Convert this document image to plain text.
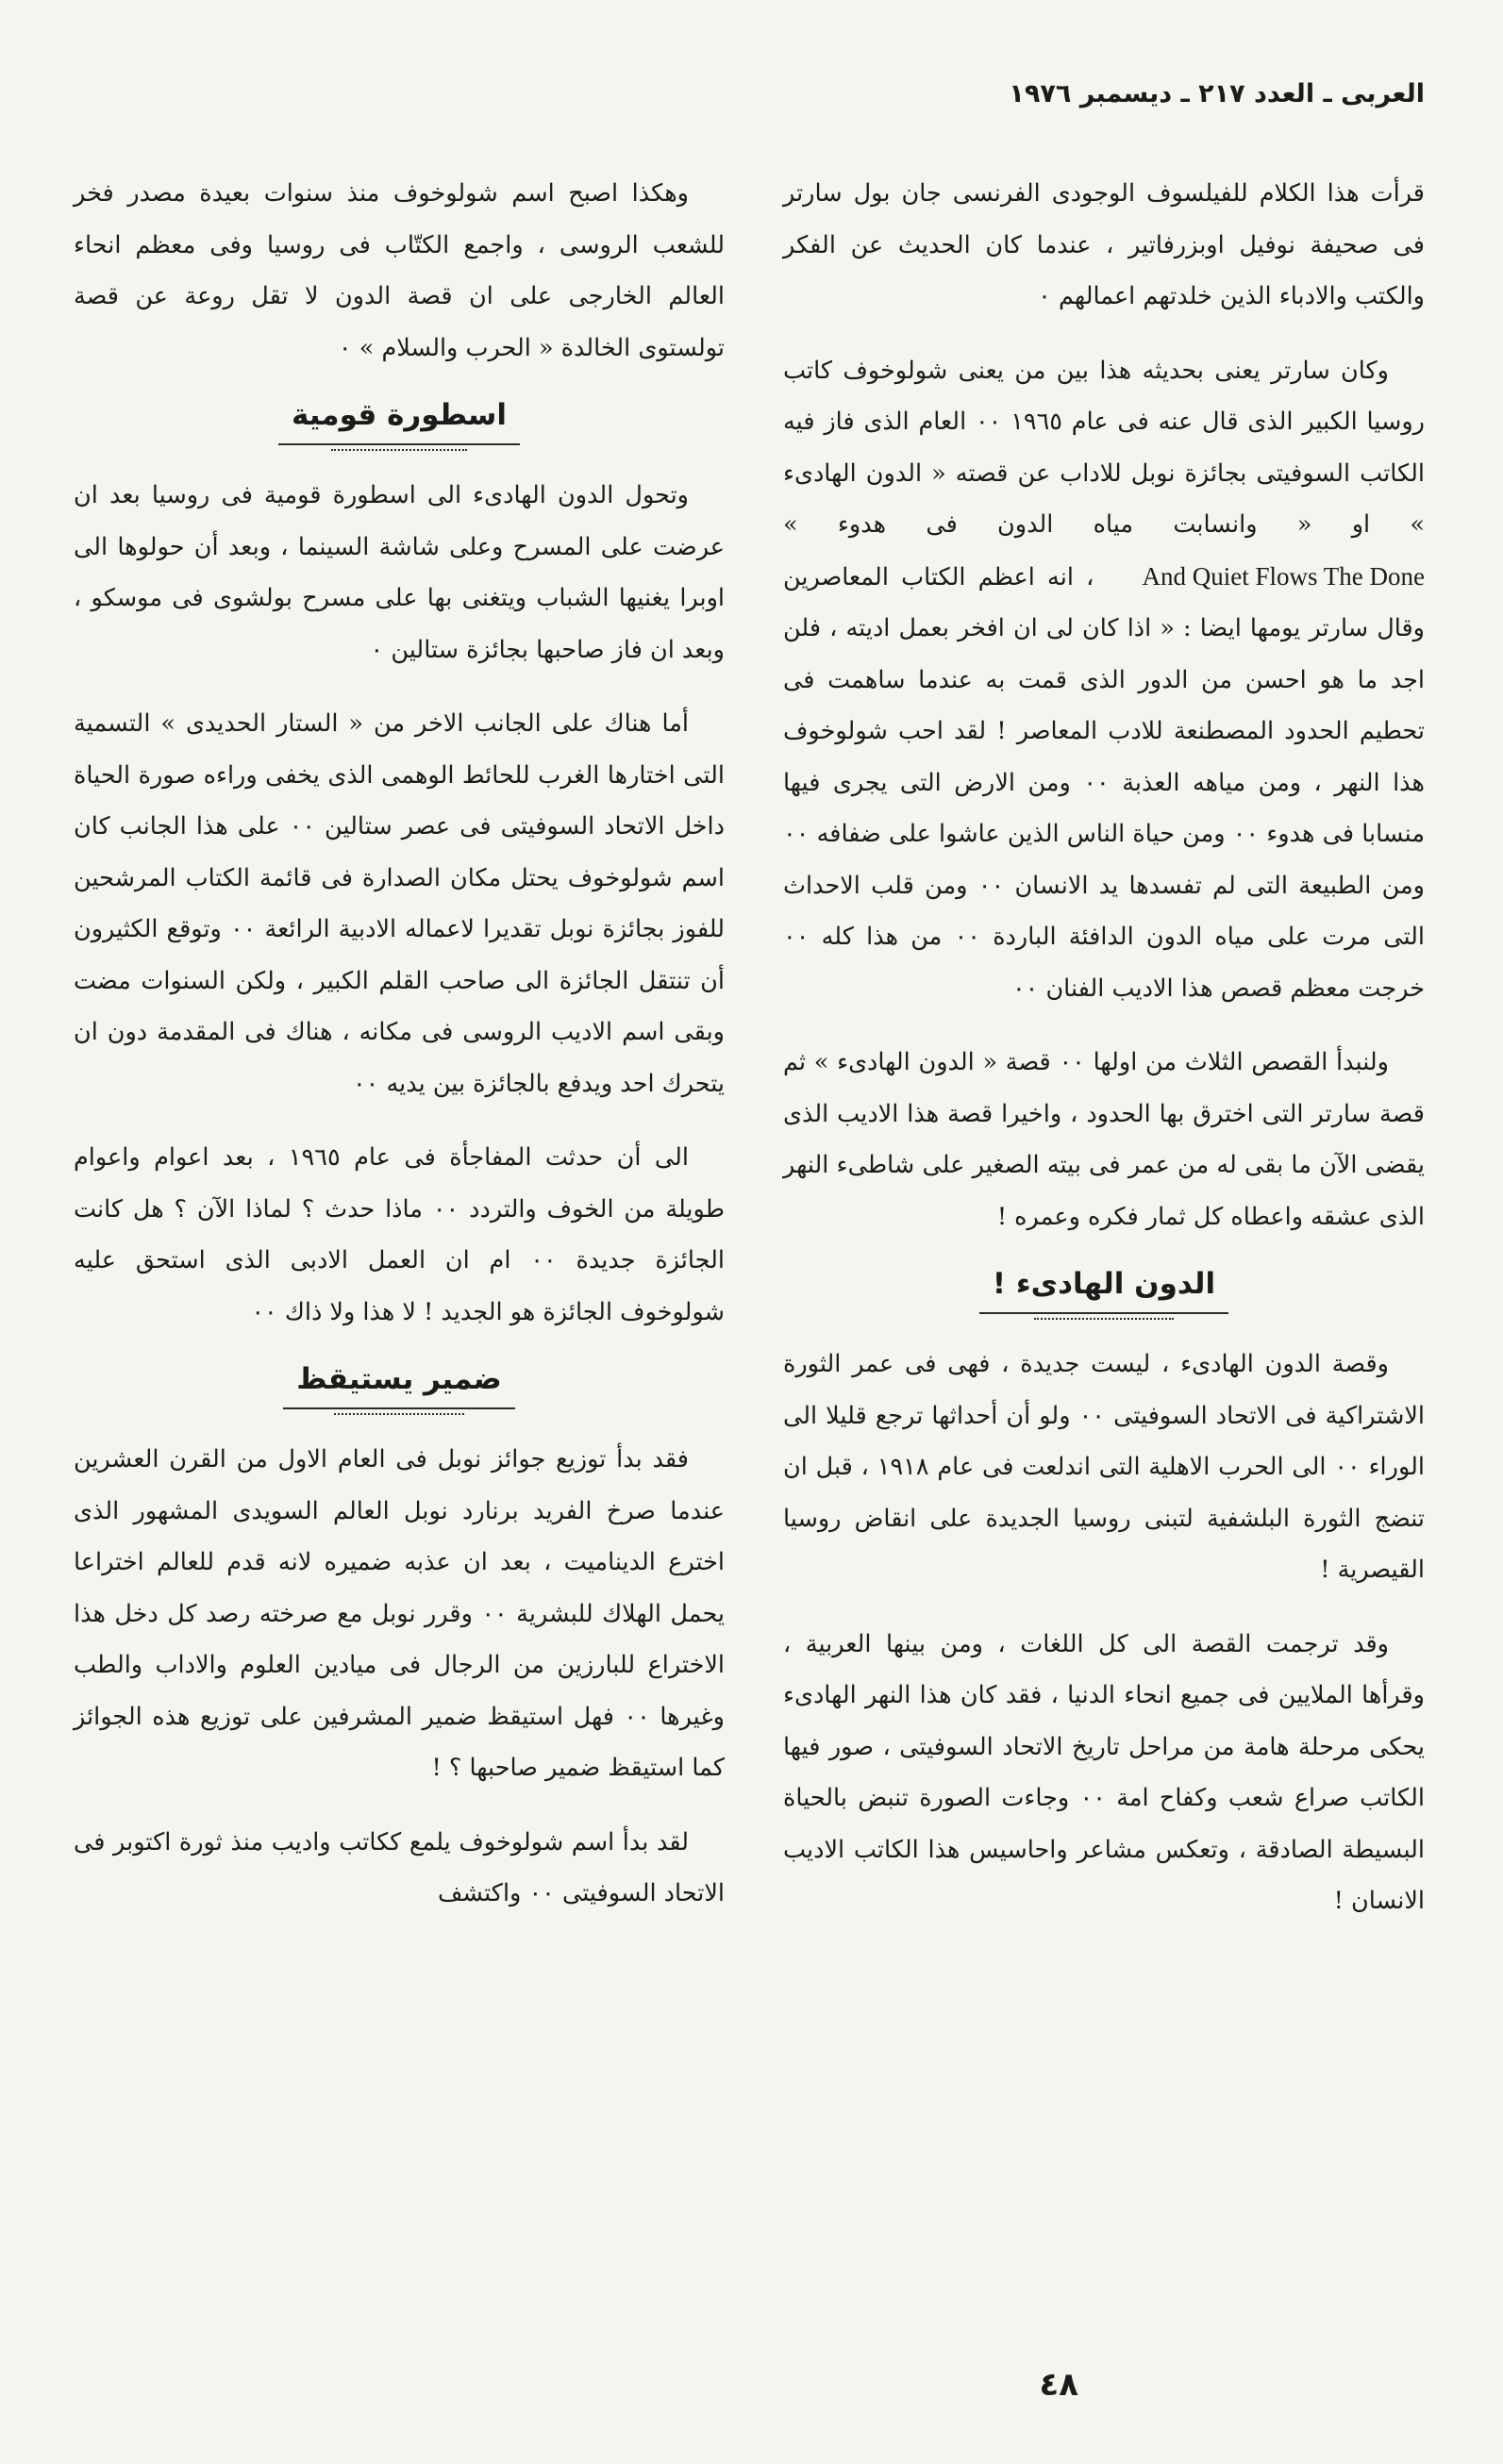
العربى ـ العدد ٢١٧ ـ ديسمبر ١٩٧٦

قرأت هذا الكلام للفيلسوف الوجودى الفرنسى جان بول سارتر فى صحيفة نوفيل اوبزرفاتير ، عندما كان الحديث عن الفكر والكتب والادباء الذين خلدتهم اعمالهم ٠

وكان سارتر يعنى بحديثه هذا بين من يعنى شولوخوف كاتب روسيا الكبير الذى قال عنه فى عام ١٩٦٥ ٠٠ العام الذى فاز فيه الكاتب السوفيتى بجائزة نوبل للاداب عن قصته « الدون الهادىء » او « وانسابت مياه الدون فى هدوء » And Quiet Flows The Done ، انه اعظم الكتاب المعاصرين وقال سارتر يومها ايضا : « اذا كان لى ان افخر بعمل اديته ، فلن اجد ما هو احسن من الدور الذى قمت به عندما ساهمت فى تحطيم الحدود المصطنعة للادب المعاصر ! لقد احب شولوخوف هذا النهر ، ومن مياهه العذبة ٠٠ ومن الارض التى يجرى فيها منسابا فى هدوء ٠٠ ومن حياة الناس الذين عاشوا على ضفافه ٠٠ ومن الطبيعة التى لم تفسدها يد الانسان ٠٠ ومن قلب الاحداث التى مرت على مياه الدون الدافئة الباردة ٠٠ من هذا كله ٠٠ خرجت معظم قصص هذا الاديب الفنان ٠٠

ولنبدأ القصص الثلاث من اولها ٠٠ قصة « الدون الهادىء » ثم قصة سارتر التى اخترق بها الحدود ، واخيرا قصة هذا الاديب الذى يقضى الآن ما بقى له من عمر فى بيته الصغير على شاطىء النهر الذى عشقه واعطاه كل ثمار فكره وعمره !

الدون الهادىء !

وقصة الدون الهادىء ، ليست جديدة ، فهى فى عمر الثورة الاشتراكية فى الاتحاد السوفيتى ٠٠ ولو أن أحداثها ترجع قليلا الى الوراء ٠٠ الى الحرب الاهلية التى اندلعت فى عام ١٩١٨ ، قبل ان تنضج الثورة البلشفية لتبنى روسيا الجديدة على انقاض روسيا القيصرية !

وقد ترجمت القصة الى كل اللغات ، ومن بينها العربية ، وقرأها الملايين فى جميع انحاء الدنيا ، فقد كان هذا النهر الهادىء يحكى مرحلة هامة من مراحل تاريخ الاتحاد السوفيتى ، صور فيها الكاتب صراع شعب وكفاح امة ٠٠ وجاءت الصورة تنبض بالحياة البسيطة الصادقة ، وتعكس مشاعر واحاسيس هذا الكاتب الاديب الانسان !

وهكذا اصبح اسم شولوخوف منذ سنوات بعيدة مصدر فخر للشعب الروسى ، واجمع الكتّاب فى روسيا وفى معظم انحاء العالم الخارجى على ان قصة الدون لا تقل روعة عن قصة تولستوى الخالدة « الحرب والسلام » ٠

اسطورة قومية

وتحول الدون الهادىء الى اسطورة قومية فى روسيا بعد ان عرضت على المسرح وعلى شاشة السينما ، وبعد أن حولوها الى اوبرا يغنيها الشباب ويتغنى بها على مسرح بولشوى فى موسكو ، وبعد ان فاز صاحبها بجائزة ستالين ٠

أما هناك على الجانب الاخر من « الستار الحديدى » التسمية التى اختارها الغرب للحائط الوهمى الذى يخفى وراءه صورة الحياة داخل الاتحاد السوفيتى فى عصر ستالين ٠٠ على هذا الجانب كان اسم شولوخوف يحتل مكان الصدارة فى قائمة الكتاب المرشحين للفوز بجائزة نوبل تقديرا لاعماله الادبية الرائعة ٠٠ وتوقع الكثيرون أن تنتقل الجائزة الى صاحب القلم الكبير ، ولكن السنوات مضت وبقى اسم الاديب الروسى فى مكانه ، هناك فى المقدمة دون ان يتحرك احد ويدفع بالجائزة بين يديه ٠٠

الى أن حدثت المفاجأة فى عام ١٩٦٥ ، بعد اعوام واعوام طويلة من الخوف والتردد ٠٠ ماذا حدث ؟ لماذا الآن ؟ هل كانت الجائزة جديدة ٠٠ ام ان العمل الادبى الذى استحق عليه شولوخوف الجائزة هو الجديد ! لا هذا ولا ذاك ٠٠

ضمير يستيقظ

فقد بدأ توزيع جوائز نوبل فى العام الاول من القرن العشرين عندما صرخ الفريد برنارد نوبل العالم السويدى المشهور الذى اخترع الديناميت ، بعد ان عذبه ضميره لانه قدم للعالم اختراعا يحمل الهلاك للبشرية ٠٠ وقرر نوبل مع صرخته رصد كل دخل هذا الاختراع للبارزين من الرجال فى ميادين العلوم والاداب والطب وغيرها ٠٠ فهل استيقظ ضمير المشرفين على توزيع هذه الجوائز كما استيقظ ضمير صاحبها ؟ !

لقد بدأ اسم شولوخوف يلمع ككاتب واديب منذ ثورة اكتوبر فى الاتحاد السوفيتى ٠٠ واكتشف

٤٨
